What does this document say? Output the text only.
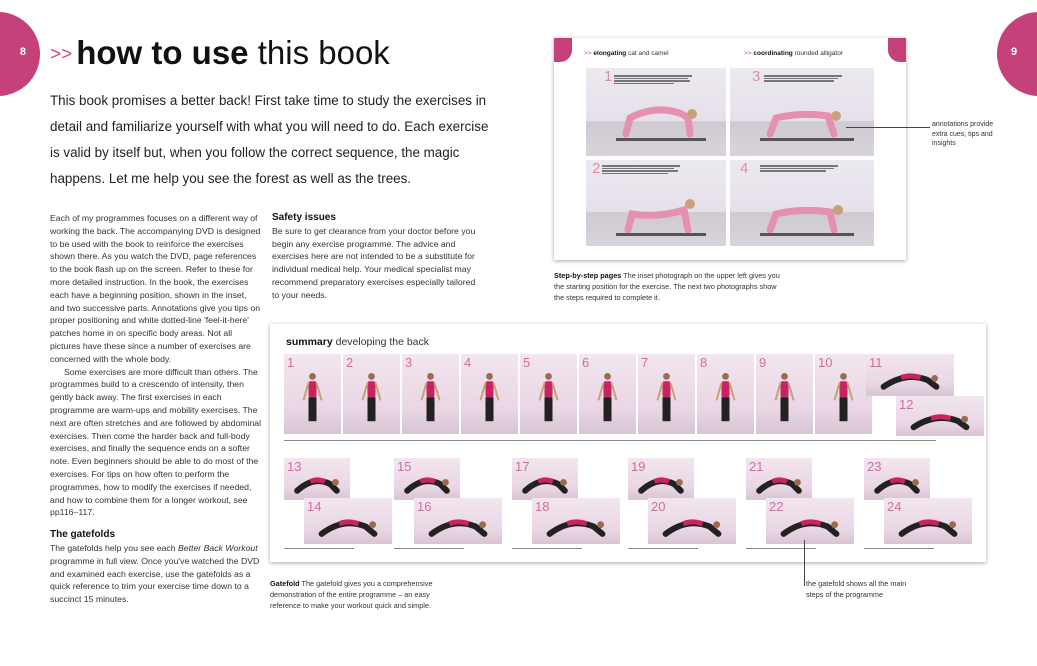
8	9
>> how to use this book
This book promises a better back! First take time to study the exercises in detail and familiarize yourself with what you will need to do. Each exercise is valid by itself but, when you follow the correct sequence, the magic happens. Let me help you see the forest as well as the trees.

Each of my programmes focuses on a different way of working the back. The accompanying DVD is designed to be used with the book to reinforce the exercises shown there. As you watch the DVD, page references to the book flash up on the screen. Refer to these for more detailed instruction. In the book, the exercises each have a beginning position, shown in the inset, and two successive parts. Annotations give you tips on proper positioning and white dotted-line 'feel-it-here' patches home in on specific body areas. Not all pictures have these since a number of exercises are concerned with the whole body.

Some exercises are more difficult than others. The programmes build to a crescendo of intensity, then gently back away. The first exercises in each programme are warm-ups and mobility exercises. The next are often stretches and are followed by abdominal exercises. Then come the harder back and full-body exercises, and finally the sequence ends on a softer note. Even beginners should be able to do most of the exercises. For tips on how often to perform the programmes, how to modify the exercises if needed, and how to combine them for a longer workout, see pp116–117.

The gatefolds

The gatefolds help you see each Better Back Workout programme in full view. Once you've watched the DVD and examined each exercise, use the gatefolds as a quick reference to trim your exercise time down to a succinct 15 minutes.

Safety issues

Be sure to get clearance from your doctor before you begin any exercise programme. The advice and exercises here are not intended to be a substitute for individual medical help. Your medical specialist may recommend preparatory exercises especially tailored to your needs.

>> elongating cat and camel	>> coordinating rounded alligator
1	3
2	4
annotations provide extra cues, tips and insights
Step-by-step pages The inset photograph on the upper left gives you the starting position for the exercise. The next two photographs show the steps required to complete it.
summary developing the back
1	2	3	4	5	6	7	8	9	10	11
12
13
14
15
16
17
18
19
20
21
22
23
24
Gatefold The gatefold gives you a comprehensive demonstration of the entire programme – an easy reference to make your workout quick and simple.
the gatefold shows all the main steps of the programme
